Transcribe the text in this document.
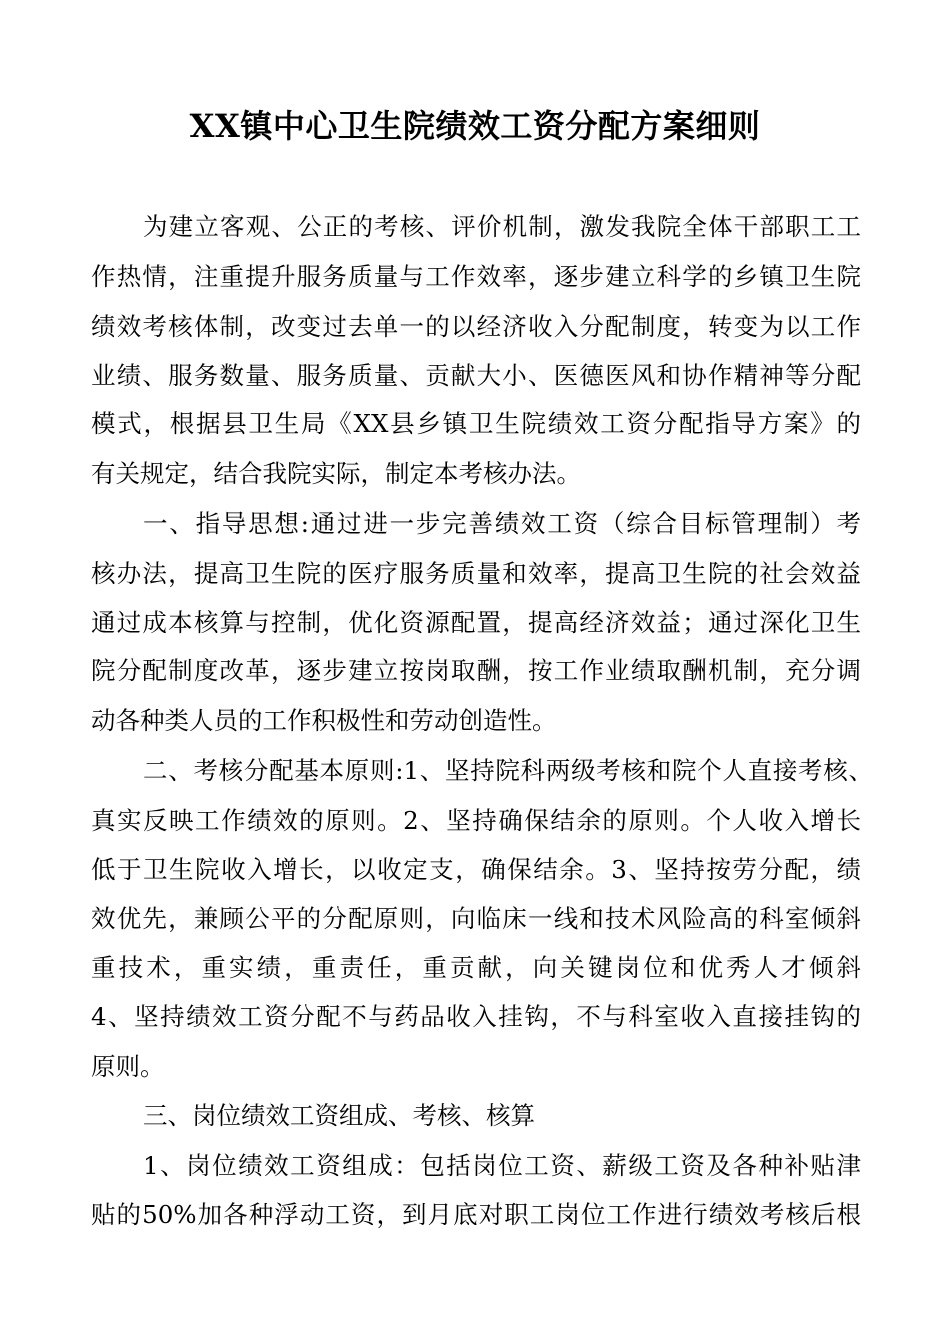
XX镇中心卫生院绩效工资分配方案细则
为建立客观、公正的考核、评价机制，激发我院全体干部职工工
作热情，注重提升服务质量与工作效率，逐步建立科学的乡镇卫生院
绩效考核体制，改变过去单一的以经济收入分配制度，转变为以工作
业绩、服务数量、服务质量、贡献大小、医德医风和协作精神等分配
模式，根据县卫生局《XX县乡镇卫生院绩效工资分配指导方案》的
有关规定，结合我院实际，制定本考核办法。
一、指导思想:通过进一步完善绩效工资（综合目标管理制）考
核办法，提高卫生院的医疗服务质量和效率，提高卫生院的社会效益
通过成本核算与控制，优化资源配置，提高经济效益；通过深化卫生
院分配制度改革，逐步建立按岗取酬，按工作业绩取酬机制，充分调
动各种类人员的工作积极性和劳动创造性。
二、考核分配基本原则:1、坚持院科两级考核和院个人直接考核、
真实反映工作绩效的原则。2、坚持确保结余的原则。个人收入增长
低于卫生院收入增长，以收定支，确保结余。3、坚持按劳分配，绩
效优先，兼顾公平的分配原则，向临床一线和技术风险高的科室倾斜
重技术，重实绩，重责任，重贡献，向关键岗位和优秀人才倾斜
4、坚持绩效工资分配不与药品收入挂钩，不与科室收入直接挂钩的
原则。
三、岗位绩效工资组成、考核、核算
1、岗位绩效工资组成：包括岗位工资、薪级工资及各种补贴津
贴的50%加各种浮动工资，到月底对职工岗位工作进行绩效考核后根
